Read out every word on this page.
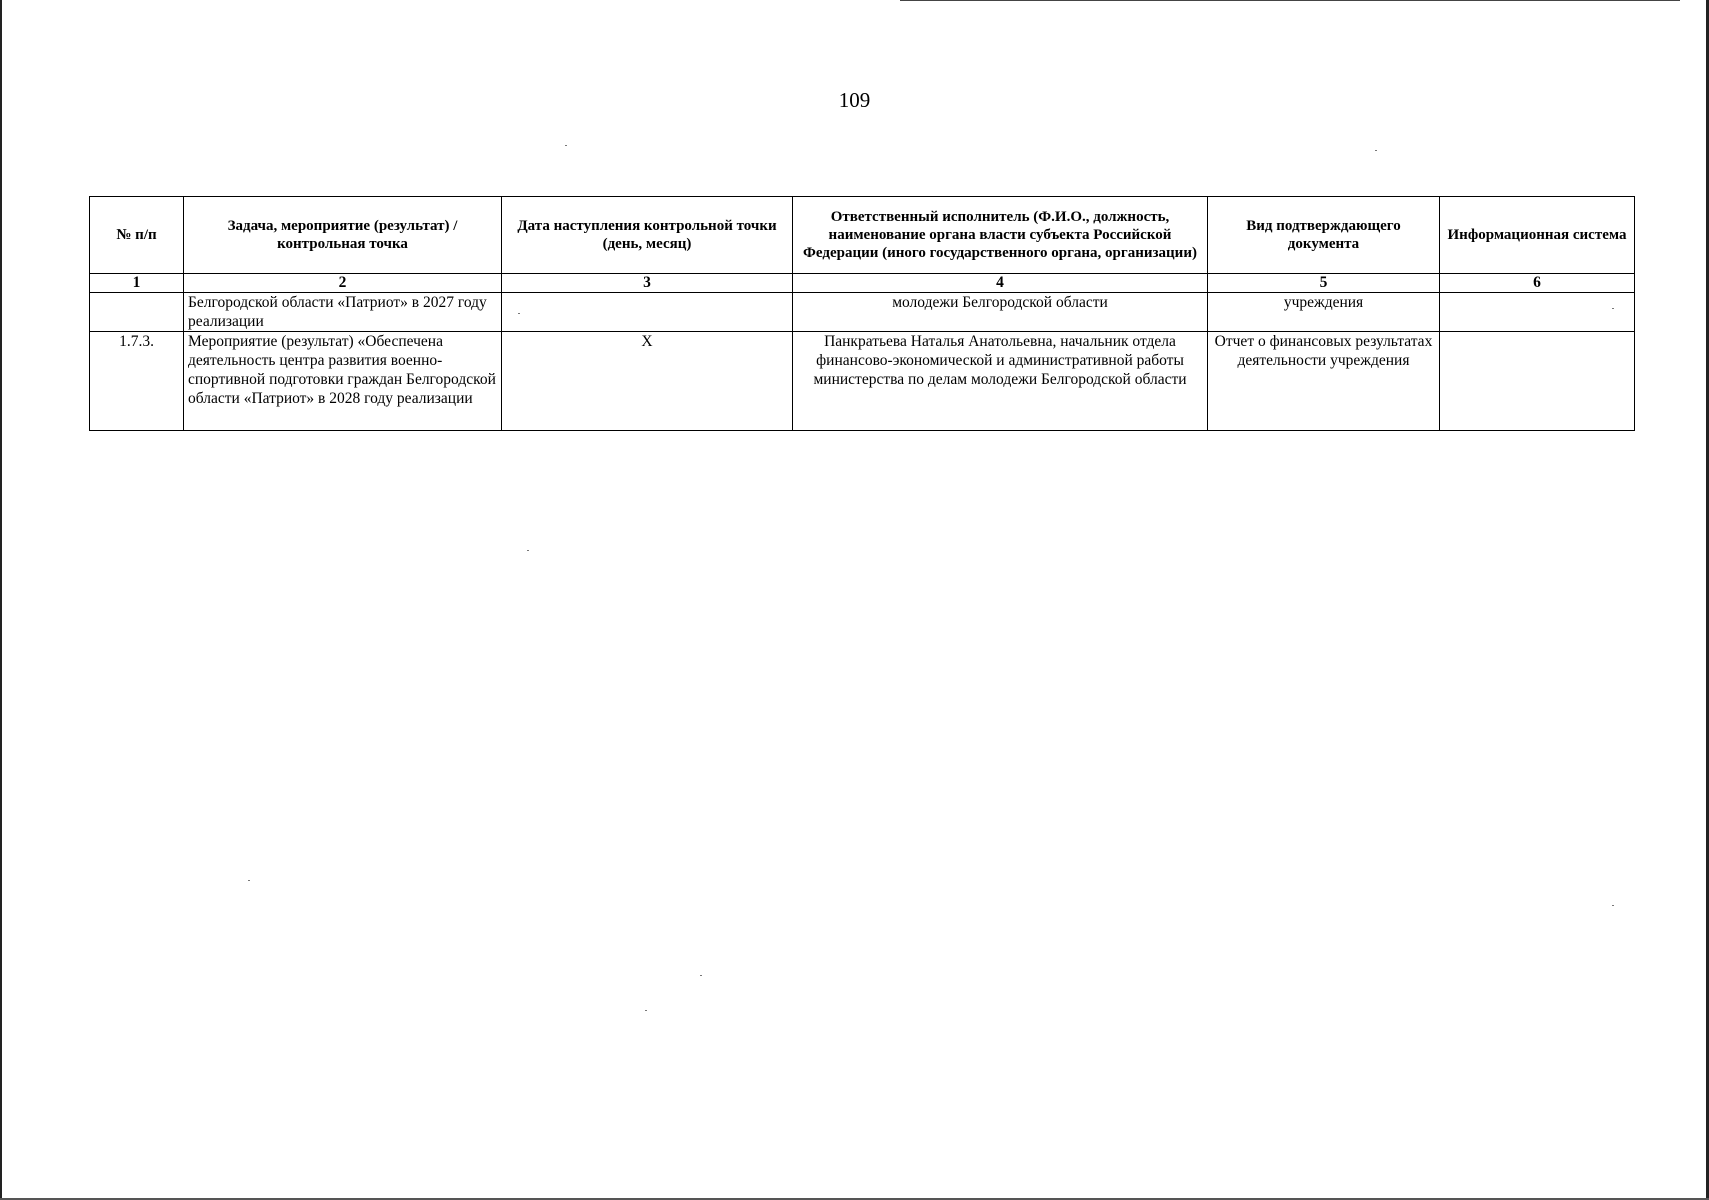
109
№ п/п	Задача, мероприятие (результат) / контрольная точка	Дата наступления контрольной точки (день, месяц)	Ответственный исполнитель (Ф.И.О., должность, наименование органа власти субъекта Российской Федерации (иного государственного органа, организации)	Вид подтверждающего документа	Информационная система
1	2	3	4	5	6
	Белгородской области «Патриот» в 2027 году реализации		молодежи Белгородской области	учреждения	
1.7.3.	Мероприятие (результат) «Обеспечена деятельность центра развития военно-спортивной подготовки граждан Белгородской области «Патриот» в 2028 году реализации	Х	Панкратьева Наталья Анатольевна, начальник отдела финансово-экономической и административной работы министерства по делам молодежи Белгородской области	Отчет о финансовых результатах деятельности учреждения	
